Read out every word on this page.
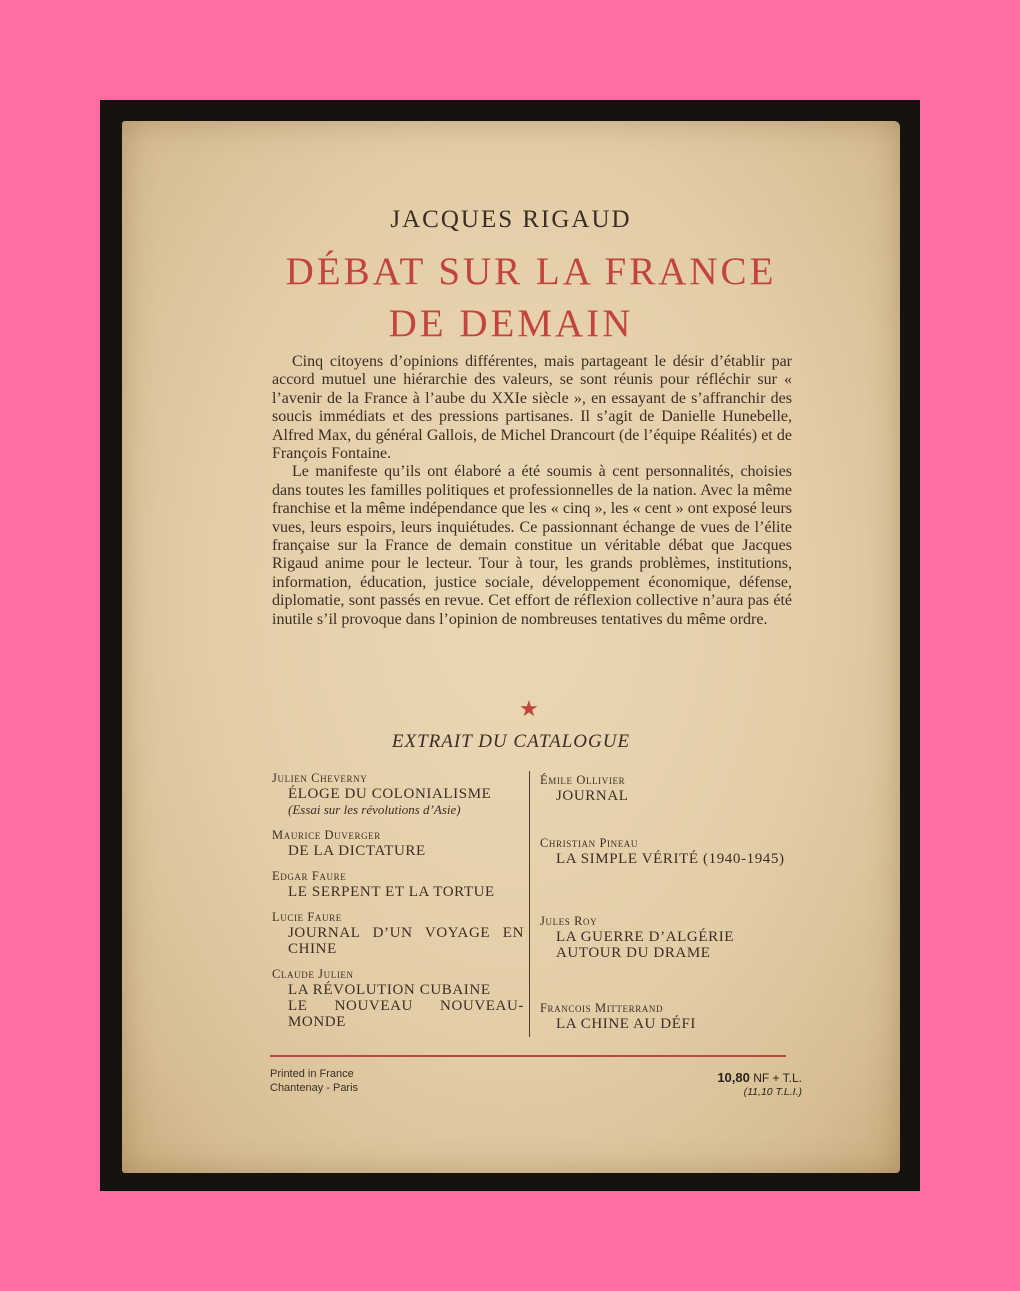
JACQUES RIGAUD
DÉBAT SUR LA FRANCE
DE DEMAIN

Cinq citoyens d’opinions différentes, mais partageant le désir d’établir par accord mutuel une hiérarchie des valeurs, se sont réunis pour réfléchir sur « l’avenir de la France à l’aube du XXIe siècle », en essayant de s’affranchir des soucis immédiats et des pressions partisanes. Il s’agit de Danielle Hunebelle, Alfred Max, du général Gallois, de Michel Drancourt (de l’équipe Réalités) et de François Fontaine.

Le manifeste qu’ils ont élaboré a été soumis à cent personnalités, choisies dans toutes les familles politiques et professionnelles de la nation. Avec la même franchise et la même indépendance que les « cinq », les « cent » ont exposé leurs vues, leurs espoirs, leurs inquiétudes. Ce passionnant échange de vues de l’élite française sur la France de demain constitue un véritable débat que Jacques Rigaud anime pour le lecteur. Tour à tour, les grands problèmes, institutions, information, éducation, justice sociale, développement économique, défense, diplomatie, sont passés en revue. Cet effort de réflexion collective n’aura pas été inutile s’il provoque dans l’opinion de nombreuses tentatives du même ordre.

★
EXTRAIT DU CATALOGUE
Julien Cheverny
ÉLOGE DU COLONIALISME
(Essai sur les révolutions d’Asie)
Maurice Duverger
DE LA DICTATURE
Edgar Faure
LE SERPENT ET LA TORTUE
Lucie Faure
JOURNAL D’UN VOYAGE EN CHINE
Claude Julien
LA RÉVOLUTION CUBAINE
LE NOUVEAU NOUVEAU-MONDE
Émile Ollivier
JOURNAL
Christian Pineau
LA SIMPLE VÉRITÉ (1940-1945)
Jules Roy
LA GUERRE D’ALGÉRIE
AUTOUR DU DRAME
Francois Mitterrand
LA CHINE AU DÉFI
Printed in France
Chantenay - Paris
10,80 NF + T.L.
(11,10 T.L.I.)
